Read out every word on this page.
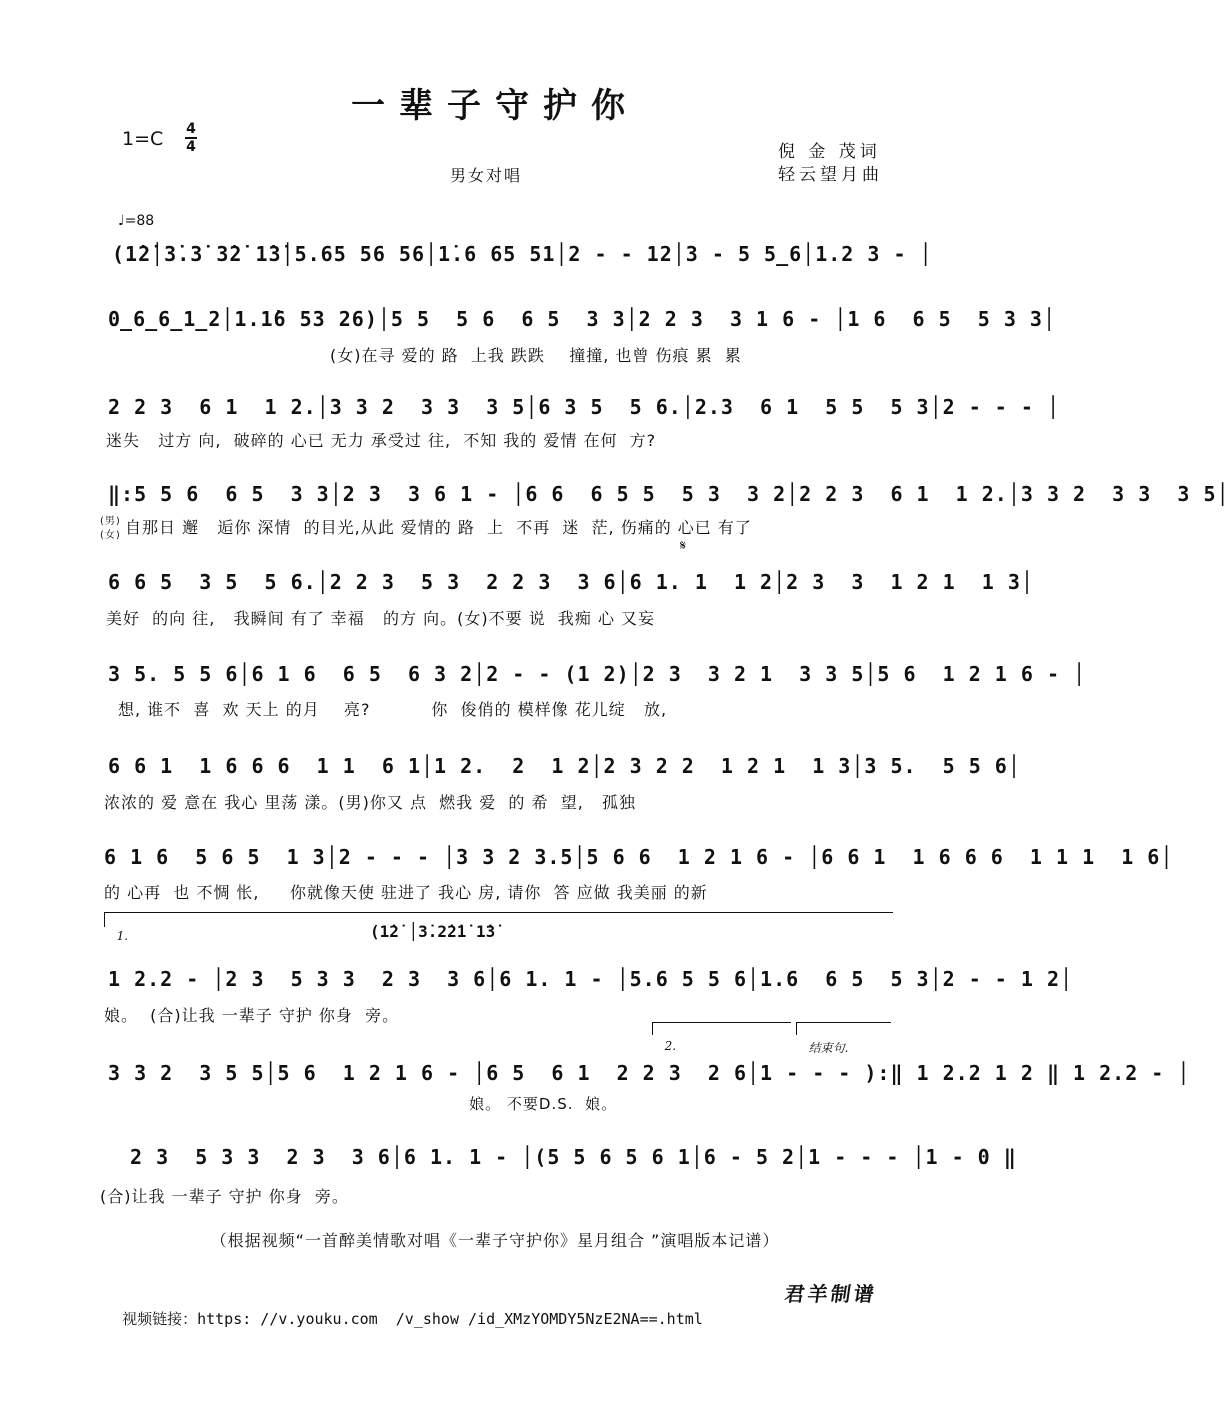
一辈子守护你
1=C 4
4	倪 金 茂词
轻云望月曲
男女对唱
♩=88
(1̇2̇│3̇.3̇ 3̇2̇ 1̇3̇│5.65 56 56│1̇.6 65 51│2 - - 12│3 - 5 5̲6│1.2 3 - │
0̲6̲6̲1̲2│1.1̇6 53 26)│5 5  5 6  6 5  3 3│2 2 3  3 1 6 - │1 6  6 5  5 3 3│
(女)在寻 爱的 路  上我 跌跌    撞撞, 也曾 伤痕 累  累
2 2 3  6 1  1 2.│3 3 2  3 3  3 5│6 3 5  5 6.│2.3  6 1  5 5  5 3│2 - - - │
迷失   过方 向,  破碎的 心已 无力 承受过 往,  不知 我的 爱情 在何  方?
‖:5 5 6  6 5  3 3│2 3  3 6 1 - │6 6  6 5 5  5 3  3 2│2 2 3  6 1  1 2.│3 3 2  3 3  3 5│
(男)
(女) 自那日 邂   逅你 深情  的目光,从此 爱情的 路  上  不再  迷  茫, 伤痛的 心已 有了
𝄋
6 6 5  3 5  5 6.│2 2 3  5 3  2 2 3  3 6│6 1. 1  1 2│2 3  3  1 2 1  1 3│
美好  的向 往,   我瞬间 有了 幸福   的方 向。(女)不要 说  我痴 心 又妄
3 5. 5 5 6│6 1 6  6 5  6 3 2│2 - - (1 2)│2 3  3 2 1  3 3 5│5 6  1 2 1 6 - │
想, 谁不  喜  欢 天上 的月    亮?          你  俊俏的 模样像 花儿绽   放,
6 6 1  1 6 6 6  1 1  6 1│1 2.  2  1 2│2 3 2 2  1 2 1  1 3│3 5.  5 5 6│
浓浓的 爱 意在 我心 里荡 漾。(男)你又 点  燃我 爱  的 希  望,   孤独
6 1 6  5 6 5  1 3│2 - - - │3 3 2 3.5│5 6 6  1 2 1 6 - │6 6 1  1 6 6 6  1 1 1  1 6│
的 心再  也 不惆 怅,     你就像天使 驻进了 我心 房, 请你  答 应做 我美丽 的新

1.	(1̇2̇ │3̇.2̇2̇1̇ 1̇3̇
1 2.2 - │2 3  5 3 3  2 3  3 6│6 1. 1 - │5.6 5 5 6│1.6  6 5  5 3│2 - - 1 2│
娘。  (合)让我 一辈子 守护 你身  旁。

2.	结束句.

3 3 2  3 5 5│5 6  1 2 1 6 - │6 5  6 1  2 2 3  2 6│1 - - - ):‖ 1 2.2 1 2 ‖ 1 2.2 - │
娘。 不要D.S.  娘。
2 3  5 3 3  2 3  3 6│6 1. 1 - │(5 5 6 5 6 1│6 - 5 2│1 - - - │1 - 0 ‖
(合)让我 一辈子 守护 你身  旁。
（根据视频“一首醉美情歌对唱《一辈子守护你》星月组合 ”演唱版本记谱）

视频链接：https: //v.youku.com  /v_show /id_XMzYOMDY5NzE2NA==.html

君羊制谱
